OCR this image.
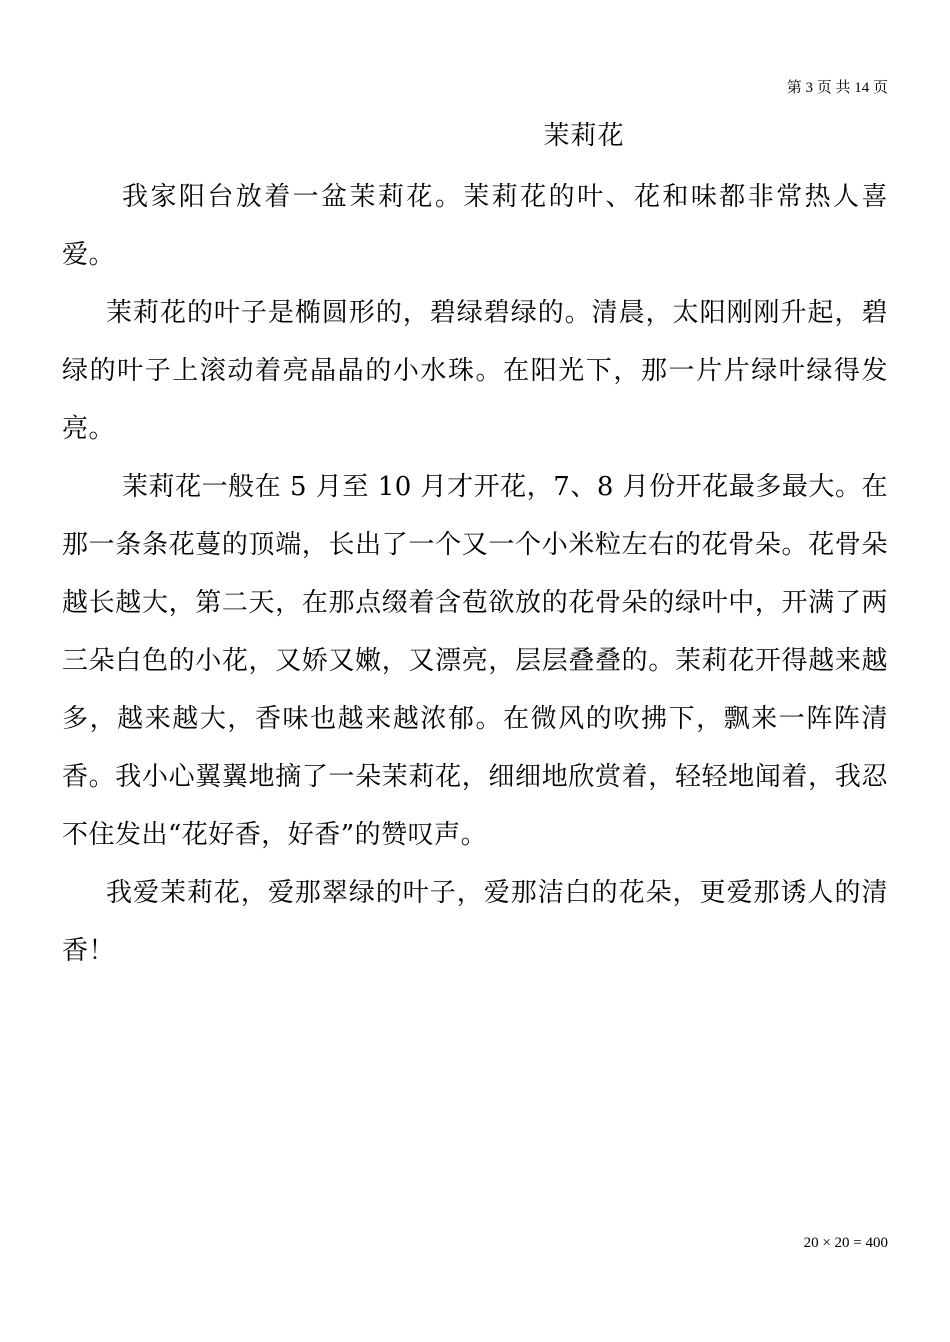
第 3 页 共 14 页
茉莉花

我家阳台放着一盆茉莉花。茉莉花的叶、花和味都非常热人喜爱。

茉莉花的叶子是椭圆形的，碧绿碧绿的。清晨，太阳刚刚升起，碧绿的叶子上滚动着亮晶晶的小水珠。在阳光下，那一片片绿叶绿得发亮。

茉莉花一般在 5 月至 10 月才开花，7、8 月份开花最多最大。在那一条条花蔓的顶端，长出了一个又一个小米粒左右的花骨朵。花骨朵越长越大，第二天，在那点缀着含苞欲放的花骨朵的绿叶中，开满了两三朵白色的小花，又娇又嫩，又漂亮，层层叠叠的。茉莉花开得越来越多，越来越大，香味也越来越浓郁。在微风的吹拂下，飘来一阵阵清香。我小心翼翼地摘了一朵茉莉花，细细地欣赏着，轻轻地闻着，我忍不住发出“花好香，好香”的赞叹声。

我爱茉莉花，爱那翠绿的叶子，爱那洁白的花朵，更爱那诱人的清香！

20 × 20 = 400
